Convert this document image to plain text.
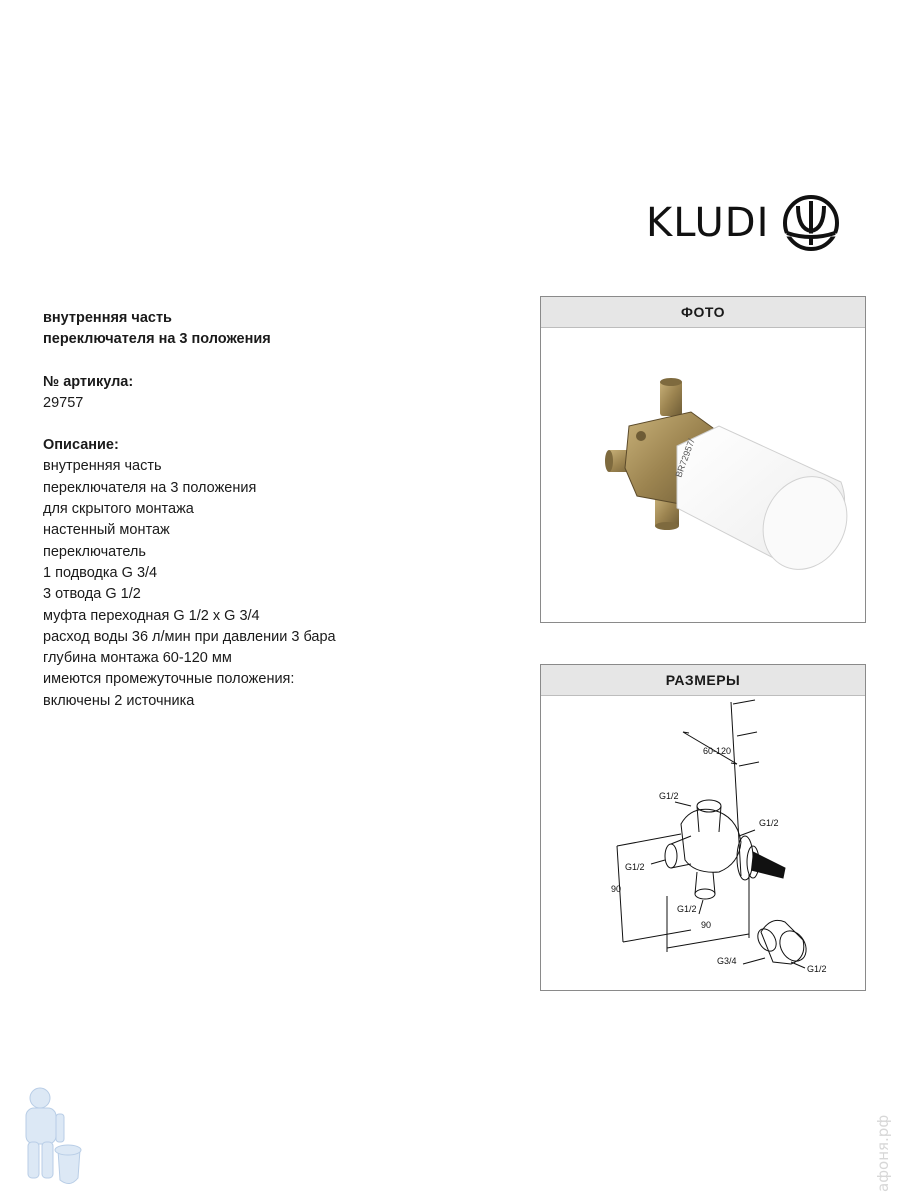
KLUDI

внутренняя часть

переключателя на 3 положения

№ артикула:

29757

Описание:

внутренняя часть

переключателя на 3 положения

для скрытого монтажа

настенный монтаж

переключатель

1 подводка G 3/4

3 отвода G 1/2

муфта переходная G 1/2 x G 3/4

расход воды 36 л/мин при давлении 3 бара

глубина монтажа 60-120 мм

имеются промежуточные положения:

включены 2 источника

ФОТО
BR72957/
РАЗМЕРЫ
60-120
G1/2
G1/2
G1/2
90
G1/2
90
G3/4
G1/2
афоня.рф
